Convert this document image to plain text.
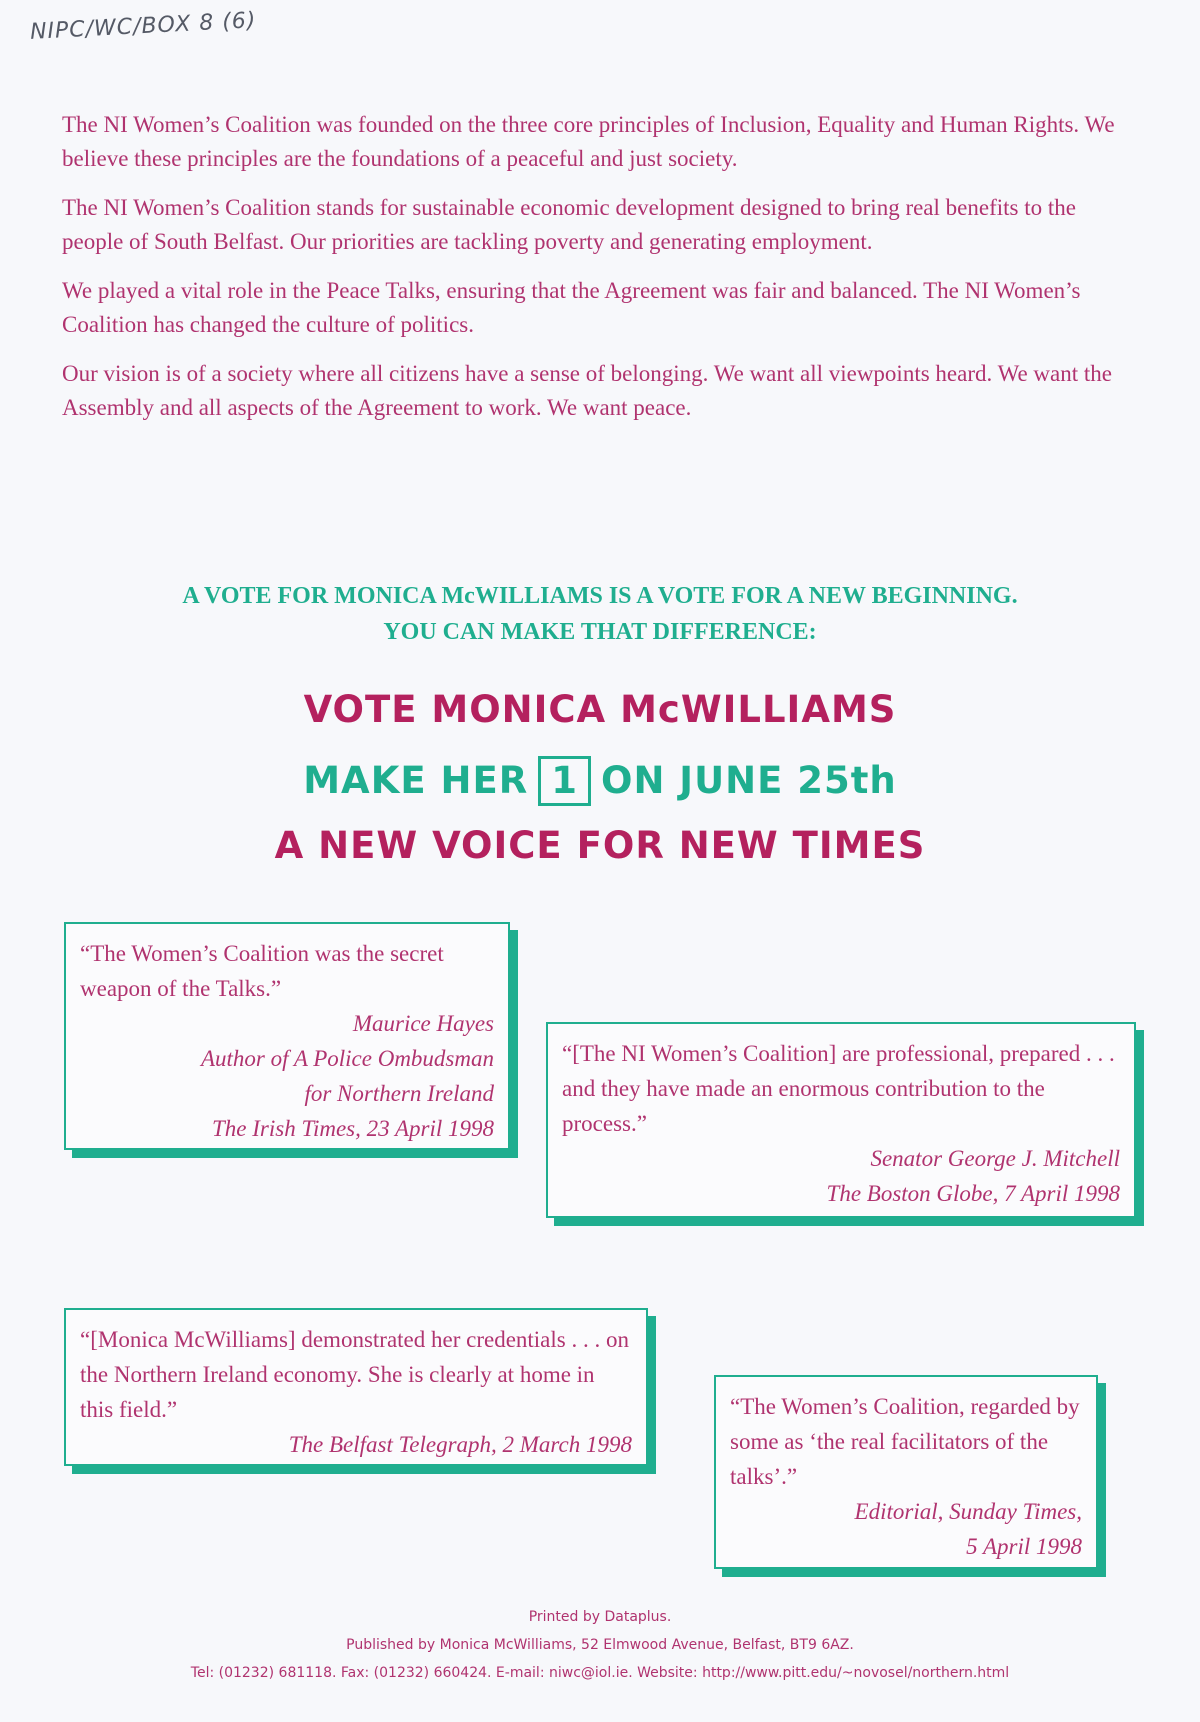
NIPC/WC/BOX 8 (6)

The NI Women’s Coalition was founded on the three core principles of Inclusion, Equality and Human Rights. We believe these principles are the foundations of a peaceful and just society.

The NI Women’s Coalition stands for sustainable economic development designed to bring real benefits to the people of South Belfast. Our priorities are tackling poverty and generating employment.

We played a vital role in the Peace Talks, ensuring that the Agreement was fair and balanced. The NI Women’s Coalition has changed the culture of politics.

Our vision is of a society where all citizens have a sense of belonging. We want all viewpoints heard. We want the Assembly and all aspects of the Agreement to work. We want peace.

A VOTE FOR MONICA McWILLIAMS IS A VOTE FOR A NEW BEGINNING.
YOU CAN MAKE THAT DIFFERENCE:
VOTE MONICA McWILLIAMS
MAKE HER 1 ON JUNE 25th
A NEW VOICE FOR NEW TIMES

“The Women’s Coalition was the secret weapon of the Talks.”

Maurice Hayes
Author of A Police Ombudsman
for Northern Ireland
The Irish Times, 23 April 1998

“[The NI Women’s Coalition] are professional, prepared . . . and they have made an enormous contribution to the process.”

Senator George J. Mitchell
The Boston Globe, 7 April 1998

“[Monica McWilliams] demonstrated her credentials . . . on the Northern Ireland economy. She is clearly at home in this field.”

The Belfast Telegraph, 2 March 1998

“The Women’s Coalition, regarded by some as ‘the real facilitators of the talks’.”

Editorial, Sunday Times,
5 April 1998
Printed by Dataplus.
Published by Monica McWilliams, 52 Elmwood Avenue, Belfast, BT9 6AZ.
Tel: (01232) 681118. Fax: (01232) 660424. E-mail: niwc@iol.ie. Website: http://www.pitt.edu/~novosel/northern.html
